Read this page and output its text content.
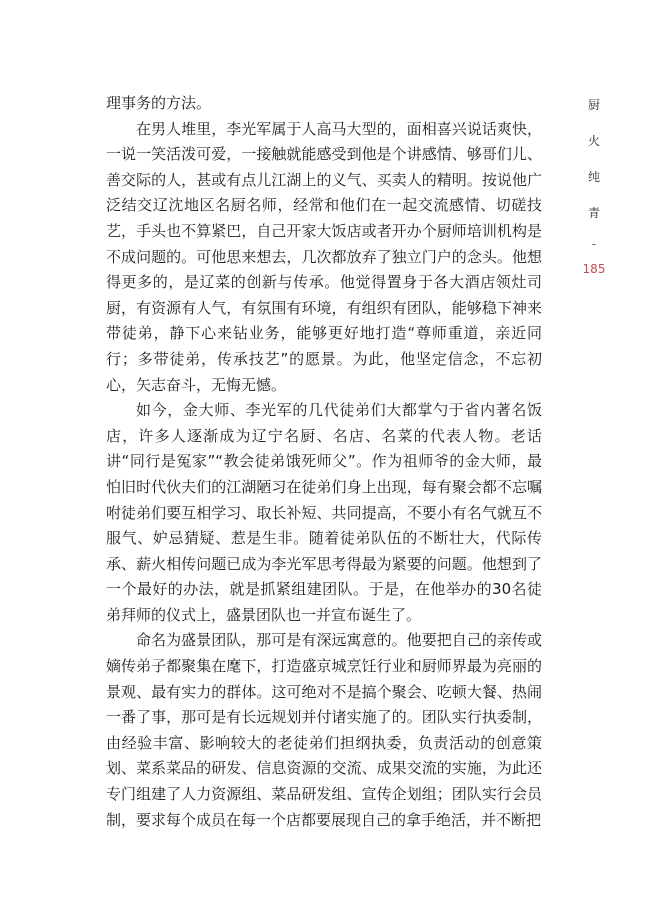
理事务的方法。

在男人堆里，李光军属于人高马大型的，面相喜兴说话爽快，一说一笑活泼可爱，一接触就能感受到他是个讲感情、够哥们儿、善交际的人，甚或有点儿江湖上的义气、买卖人的精明。按说他广泛结交辽沈地区名厨名师，经常和他们在一起交流感情、切磋技艺，手头也不算紧巴，自己开家大饭店或者开办个厨师培训机构是不成问题的。可他思来想去，几次都放弃了独立门户的念头。他想得更多的，是辽菜的创新与传承。他觉得置身于各大酒店领灶司厨，有资源有人气，有氛围有环境，有组织有团队，能够稳下神来带徒弟，静下心来钻业务，能够更好地打造“尊师重道，亲近同行；多带徒弟，传承技艺”的愿景。为此，他坚定信念，不忘初心，矢志奋斗，无悔无憾。

如今，金大师、李光军的几代徒弟们大都掌勺于省内著名饭店，许多人逐渐成为辽宁名厨、名店、名菜的代表人物。老话讲“同行是冤家”“教会徒弟饿死师父”。作为祖师爷的金大师，最怕旧时代伙夫们的江湖陋习在徒弟们身上出现，每有聚会都不忘嘱咐徒弟们要互相学习、取长补短、共同提高，不要小有名气就互不服气、妒忌猜疑、惹是生非。随着徒弟队伍的不断壮大，代际传承、薪火相传问题已成为李光军思考得最为紧要的问题。他想到了一个最好的办法，就是抓紧组建团队。于是，在他举办的30名徒弟拜师的仪式上，盛景团队也一并宣布诞生了。

命名为盛景团队，那可是有深远寓意的。他要把自己的亲传或嫡传弟子都聚集在麾下，打造盛京城烹饪行业和厨师界最为亮丽的景观、最有实力的群体。这可绝对不是搞个聚会、吃顿大餐、热闹一番了事，那可是有长远规划并付诸实施了的。团队实行执委制，由经验丰富、影响较大的老徒弟们担纲执委，负责活动的创意策划、菜系菜品的研发、信息资源的交流、成果交流的实施，为此还专门组建了人力资源组、菜品研发组、宣传企划组；团队实行会员制，要求每个成员在每一个店都要展现自己的拿手绝活，并不断把

厨
火
纯
青
-
185
